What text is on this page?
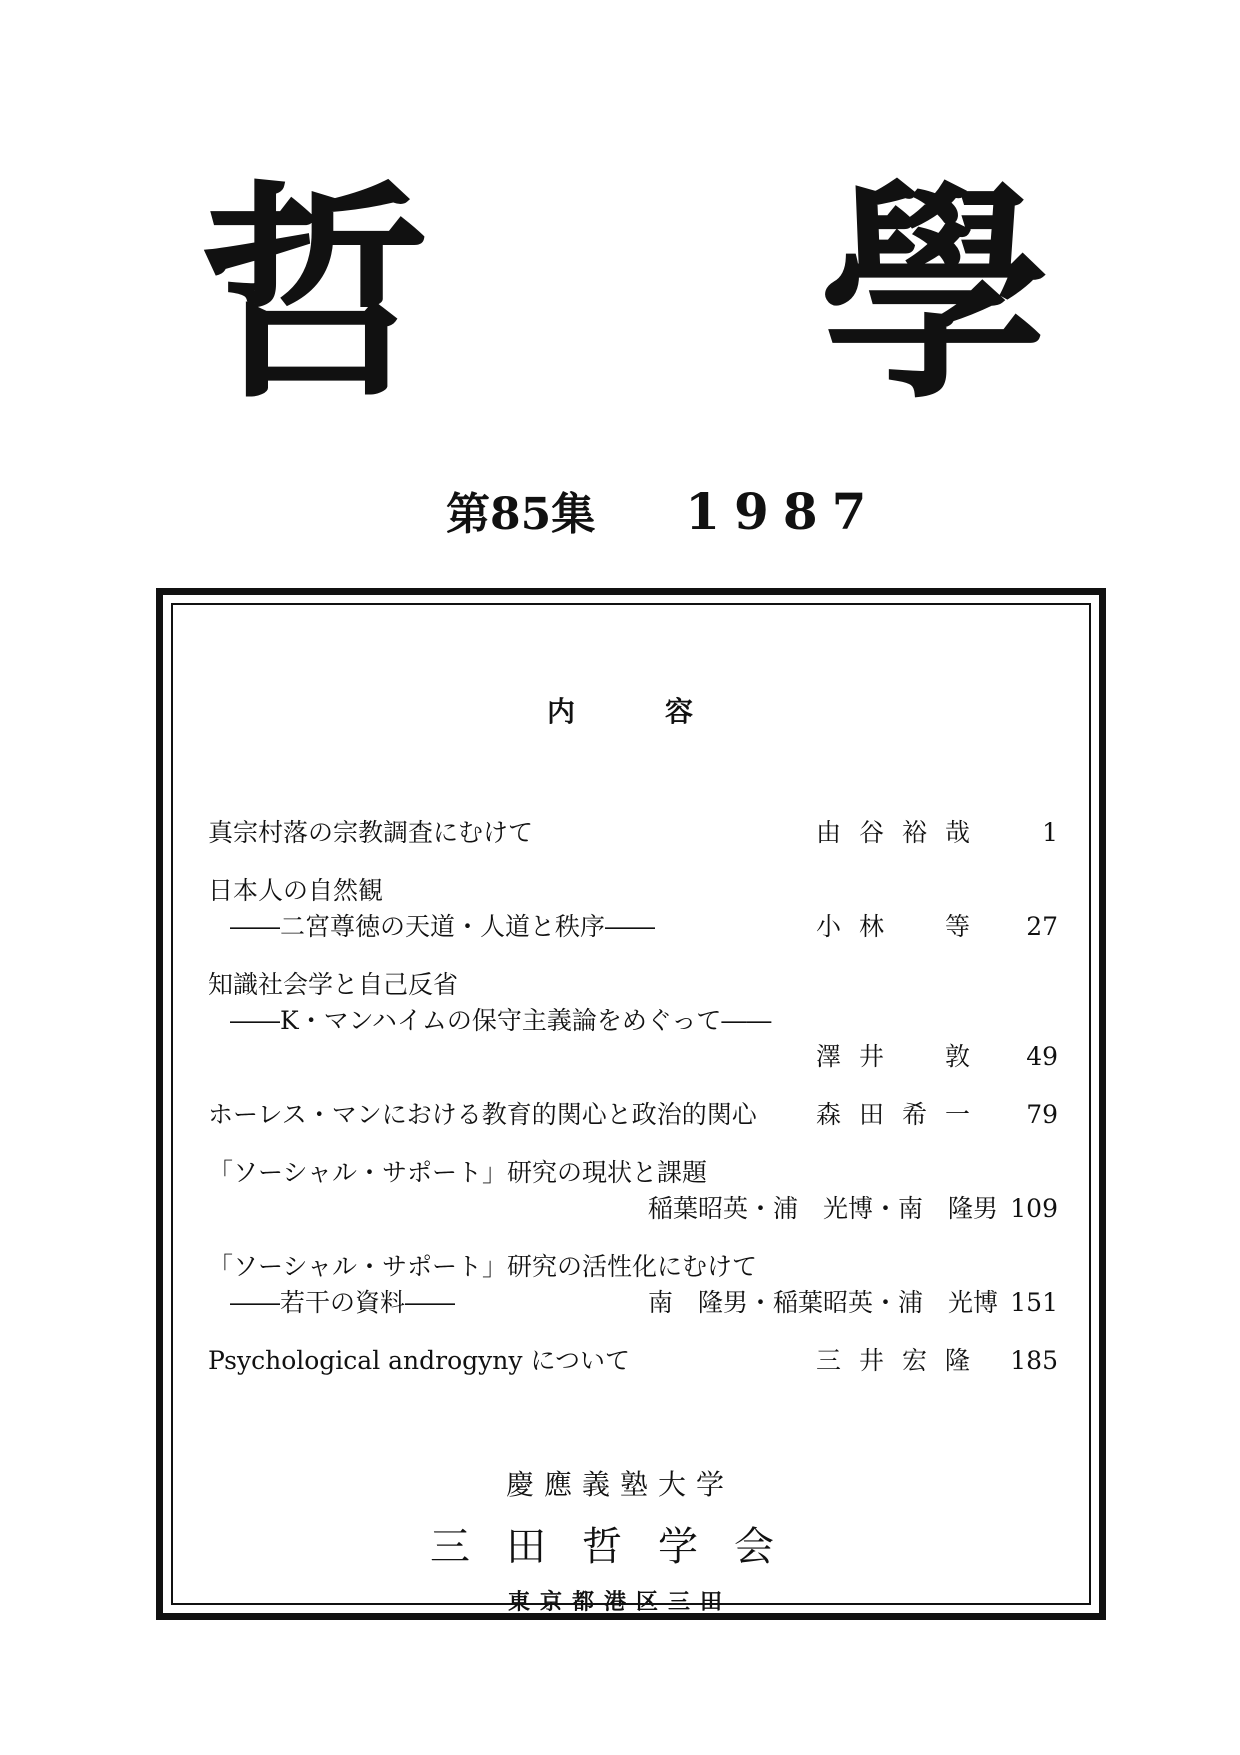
哲 學
第85集 1987
内容
真宗村落の宗教調査にむけて	由谷裕哉	1
日本人の自然観
――二宮尊徳の天道・人道と秩序――	小林　等	27
知識社会学と自己反省
――K・マンハイムの保守主義論をめぐって――
澤井　敦	49
ホーレス・マンにおける教育的関心と政治的関心 森田希一	79
「ソーシャル・サポート」研究の現状と課題
稲葉昭英・浦　光博・南　隆男 109
「ソーシャル・サポート」研究の活性化にむけて
――若干の資料――	南　隆男・稲葉昭英・浦　光博 151
Psychological androgyny について	三井宏隆 185
慶應義塾大学
三田哲学会
東京都港区三田
